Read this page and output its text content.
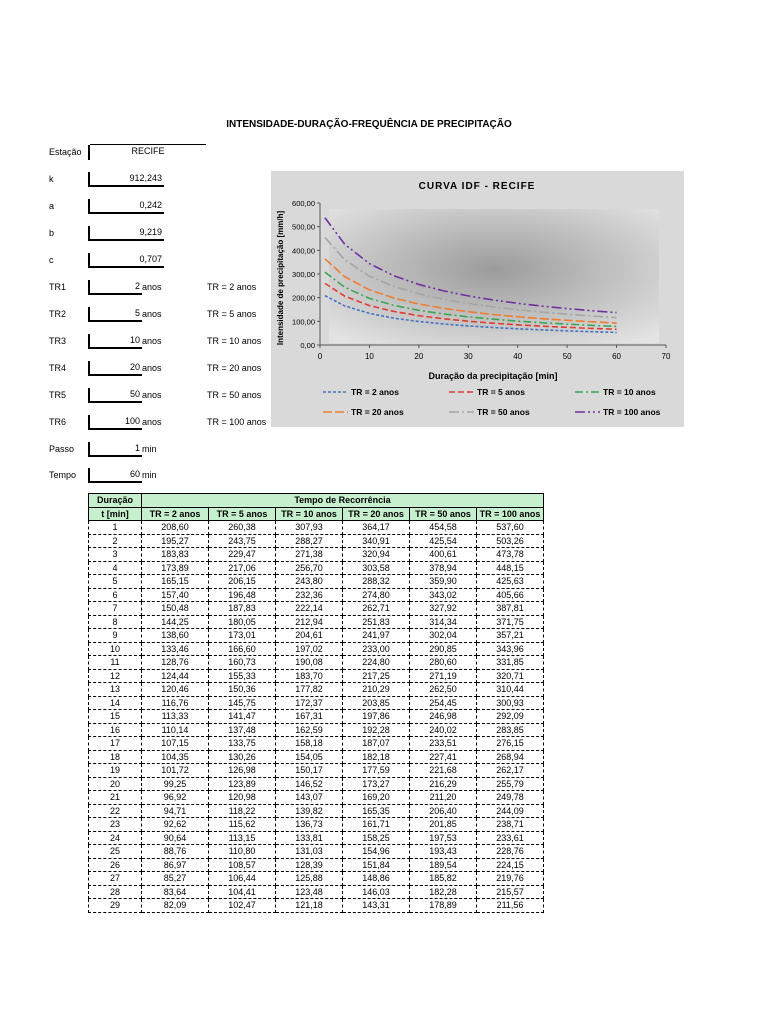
INTENSIDADE-DURAÇÃO-FREQUÊNCIA DE PRECIPITAÇÃO
Estação	RECIFE
k	912,243
a	0,242
b	9,219
c	0,707
TR1	2 anos	TR = 2 anos
TR2	5 anos	TR = 5 anos
TR3	10 anos	TR = 10 anos
TR4	20 anos	TR = 20 anos
TR5	50 anos	TR = 50 anos
TR6	100 anos	TR = 100 anos
Passo	1 min
Tempo	60 min
CURVA IDF - RECIFE
0,00
100,00
200,00
300,00
400,00
500,00
600,00
0	10	20	30	40	50	60	70
Duração da precipitação [min]
Intensidade de precipitação [mm/h]
TR = 2 anos	TR = 5 anos	TR = 10 anos
TR = 20 anos	TR = 50 anos	TR = 100 anos
Duração	Tempo de Recorrência					
t [min]	TR = 2 anos	TR = 5 anos	TR = 10 anos	TR = 20 anos	TR = 50 anos	TR = 100 anos
1	208,60	260,38	307,93	364,17	454,58	537,60
2	195,27	243,75	288,27	340,91	425,54	503,26
3	183,83	229,47	271,38	320,94	400,61	473,78
4	173,89	217,06	256,70	303,58	378,94	448,15
5	165,15	206,15	243,80	288,32	359,90	425,63
6	157,40	196,48	232,36	274,80	343,02	405,66
7	150,48	187,83	222,14	262,71	327,92	387,81
8	144,25	180,05	212,94	251,83	314,34	371,75
9	138,60	173,01	204,61	241,97	302,04	357,21
10	133,46	166,60	197,02	233,00	290,85	343,96
11	128,76	160,73	190,08	224,80	280,60	331,85
12	124,44	155,33	183,70	217,25	271,19	320,71
13	120,46	150,36	177,82	210,29	262,50	310,44
14	116,76	145,75	172,37	203,85	254,45	300,93
15	113,33	141,47	167,31	197,86	246,98	292,09
16	110,14	137,48	162,59	192,28	240,02	283,85
17	107,15	133,75	158,18	187,07	233,51	276,15
18	104,35	130,26	154,05	182,18	227,41	268,94
19	101,72	126,98	150,17	177,59	221,68	262,17
20	99,25	123,89	146,52	173,27	216,29	255,79
21	96,92	120,98	143,07	169,20	211,20	249,78
22	94,71	118,22	139,82	165,35	206,40	244,09
23	92,62	115,62	136,73	161,71	201,85	238,71
24	90,64	113,15	133,81	158,25	197,53	233,61
25	88,76	110,80	131,03	154,96	193,43	228,76
26	86,97	108,57	128,39	151,84	189,54	224,15
27	85,27	106,44	125,88	148,86	185,82	219,76
28	83,64	104,41	123,48	146,03	182,28	215,57
29	82,09	102,47	121,18	143,31	178,89	211,56
